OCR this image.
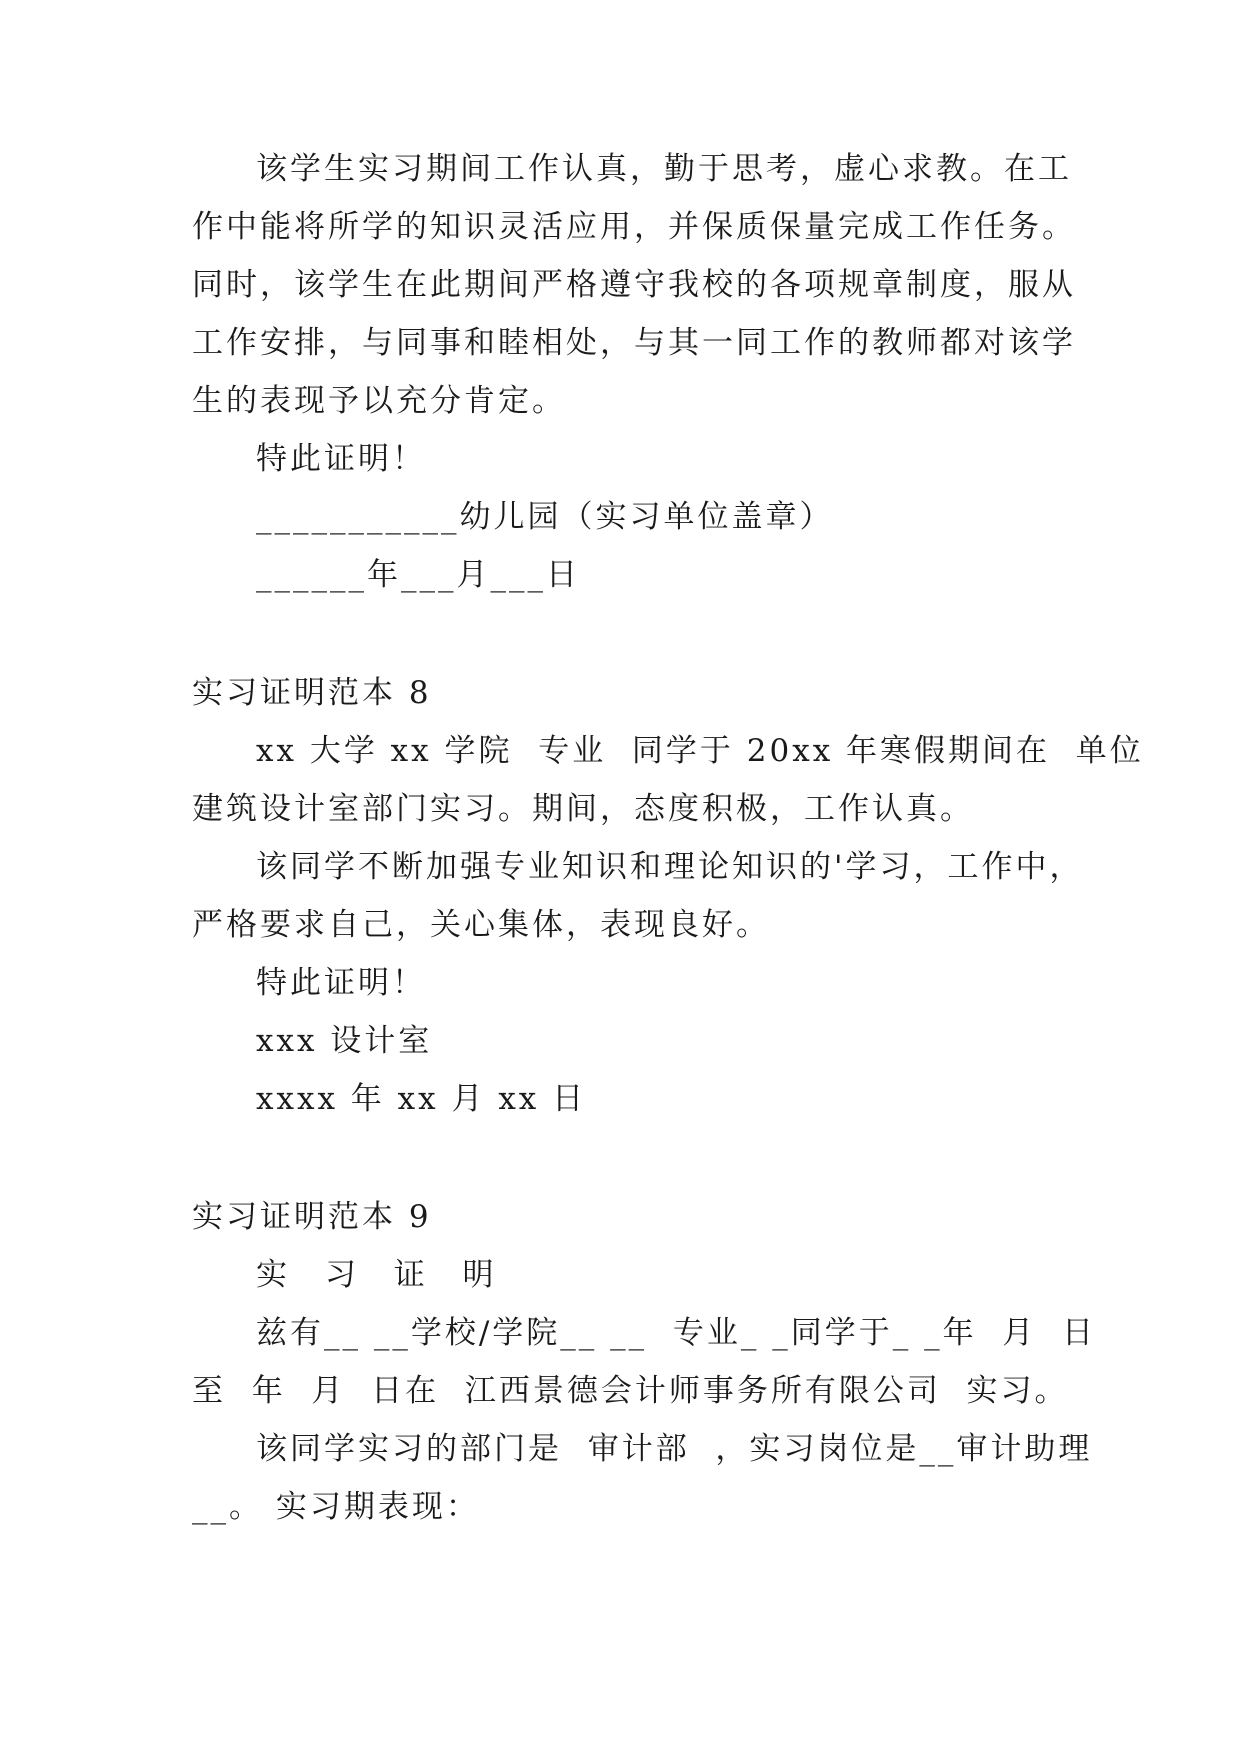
该学生实习期间工作认真，勤于思考，虚心求教。在工
作中能将所学的知识灵活应用，并保质保量完成工作任务。
同时，该学生在此期间严格遵守我校的各项规章制度，服从
工作安排，与同事和睦相处，与其一同工作的教师都对该学
生的表现予以充分肯定。
特此证明！
___________幼儿园（实习单位盖章）
______年___月___日
实习证明范本 8
xx 大学 xx 学院  专业  同学于 20xx 年寒假期间在  单位
建筑设计室部门实习。期间，态度积极，工作认真。
该同学不断加强专业知识和理论知识的'学习，工作中，
严格要求自己，关心集体，表现良好。
特此证明！
xxx 设计室
xxxx 年 xx 月 xx 日
实习证明范本 9
实 习 证 明
兹有__ __学校/学院__ __  专业_ _同学于_ _年  月  日
至  年  月  日在  江西景德会计师事务所有限公司  实习。
该同学实习的部门是  审计部  ，实习岗位是__审计助理
__。 实习期表现：
